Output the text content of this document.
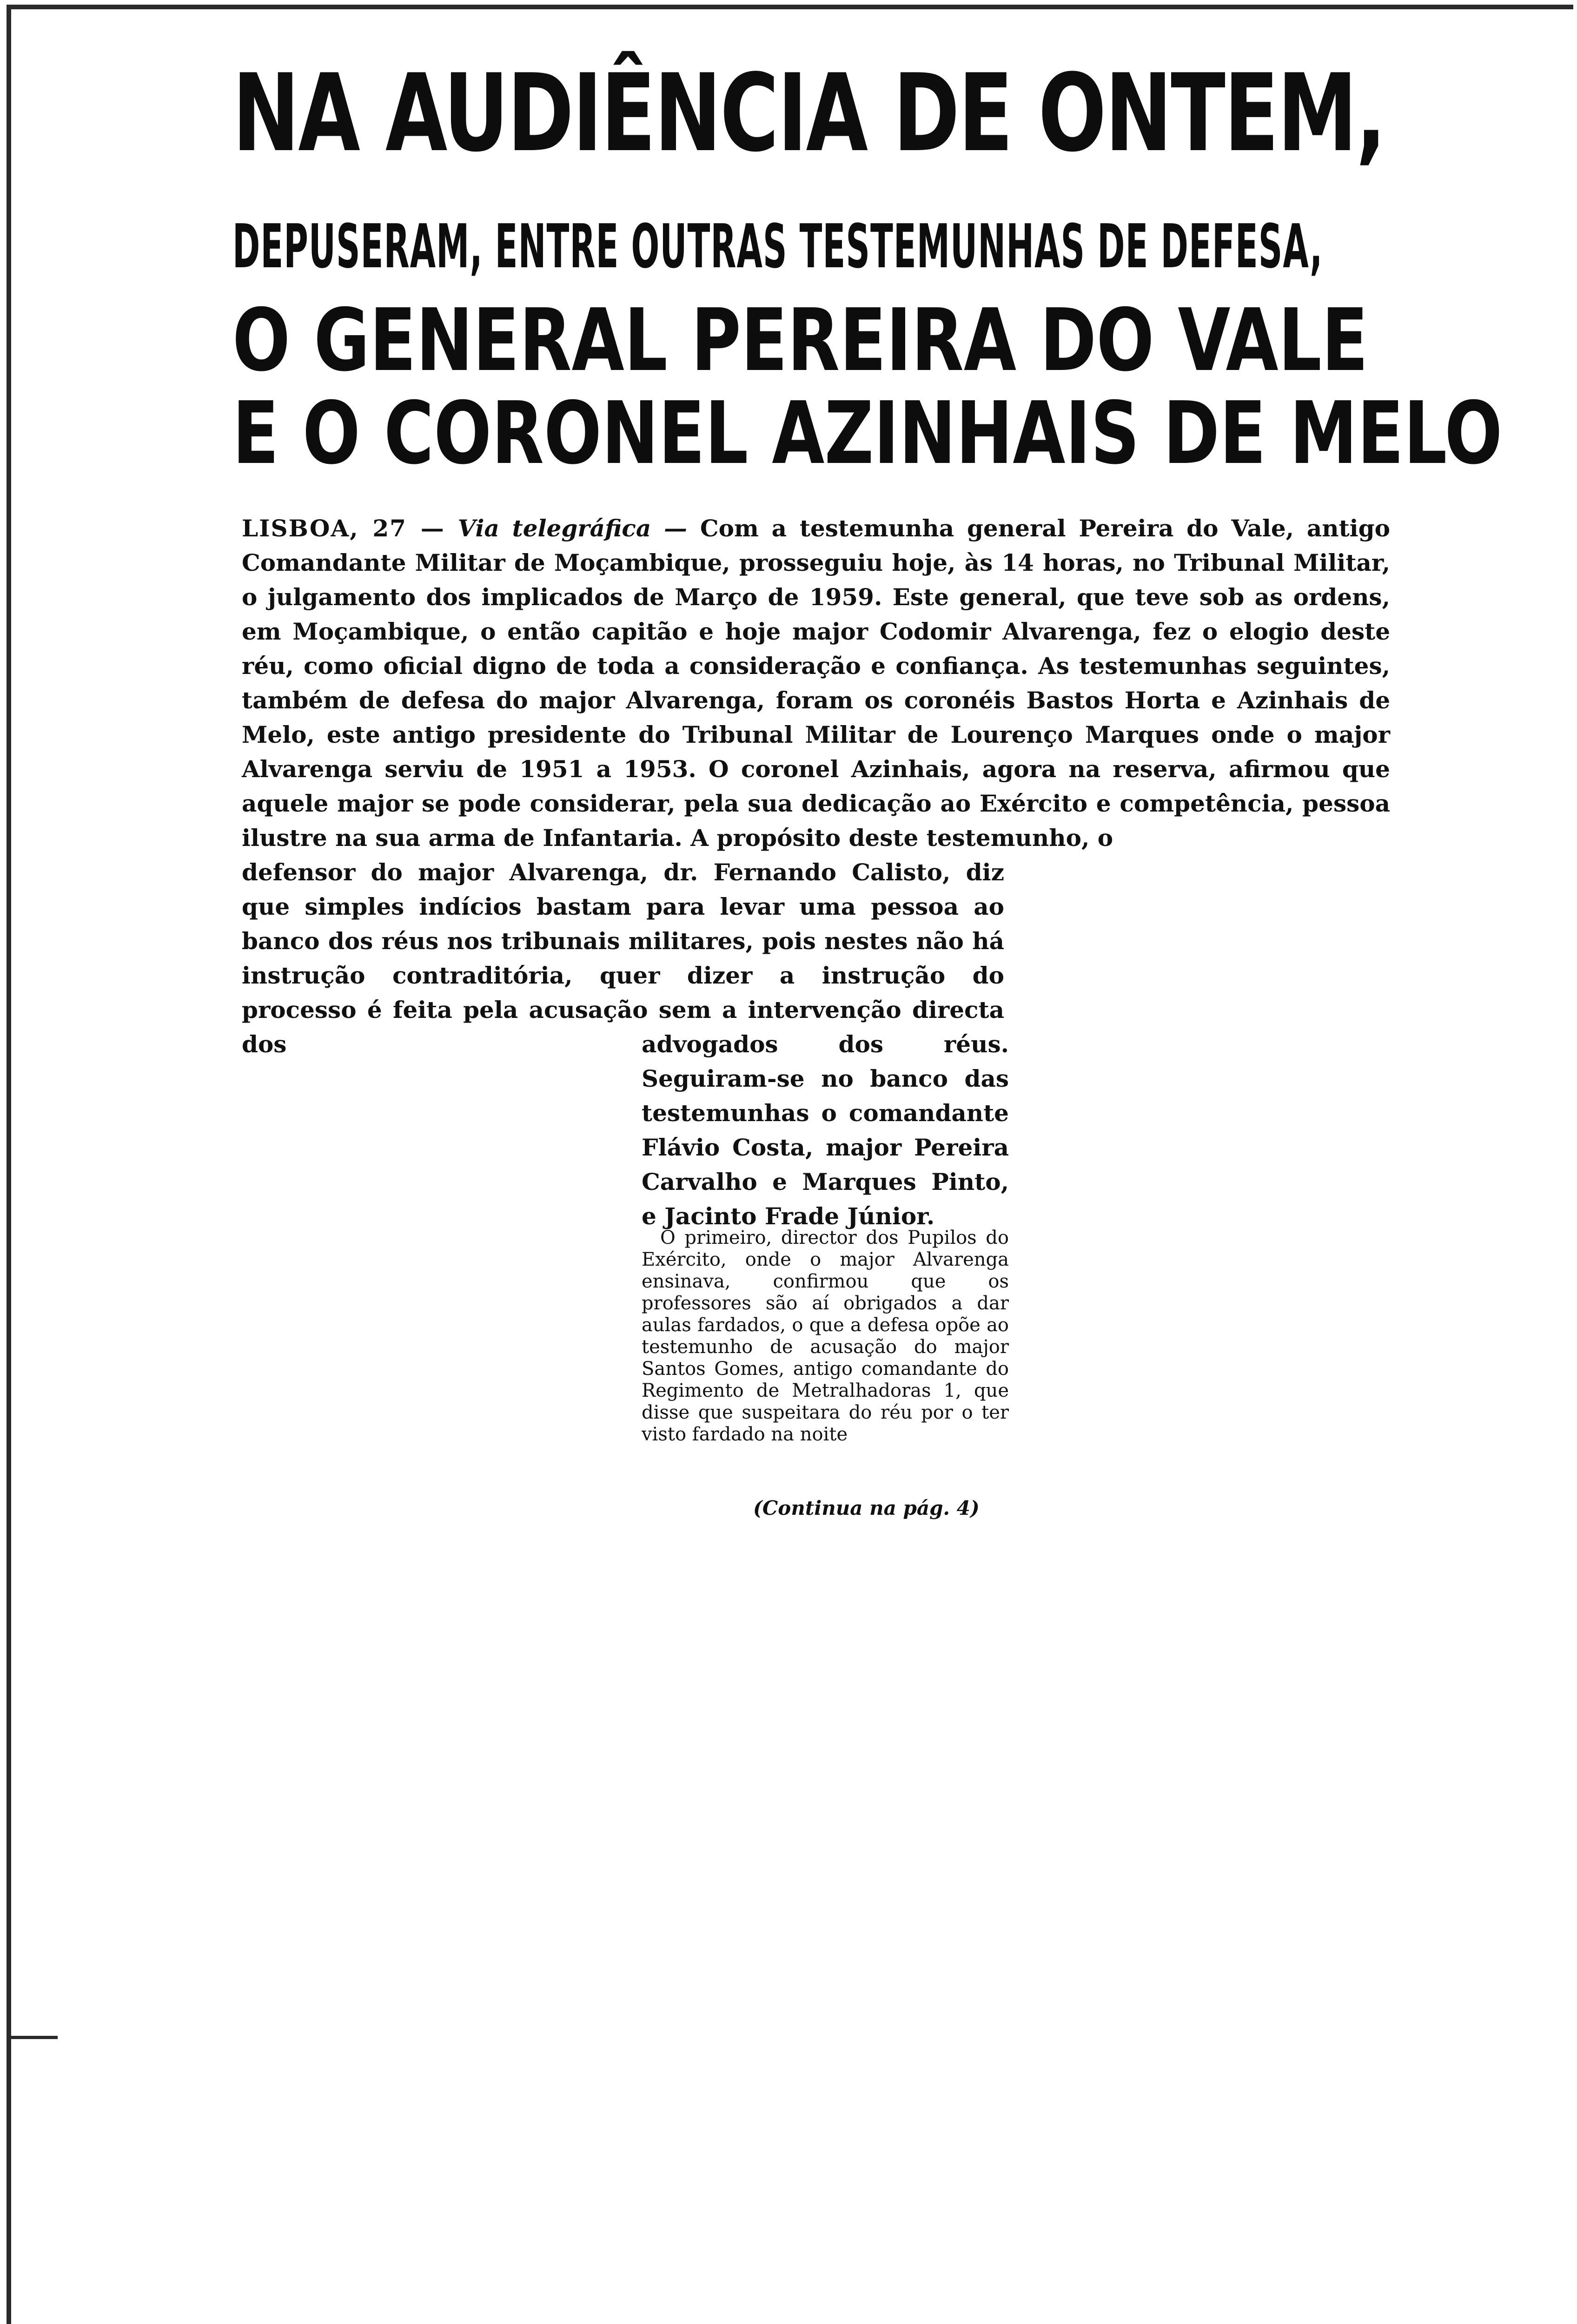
NA AUDIÊNCIA DE ONTEM,
DEPUSERAM, ENTRE OUTRAS TESTEMUNHAS DE DEFESA,
O GENERAL PEREIRA DO VALE
E O CORONEL AZINHAIS DE MELO

LISBOA, 27 — Via telegráfica — Com a testemunha general Pereira do Vale, antigo Comandante Militar de Moçambique, prosseguiu hoje, às 14 horas, no Tribunal Militar, o julgamento dos implicados de Março de 1959. Este general, que teve sob as ordens, em Moçambique, o então capitão e hoje major Codomir Alvarenga, fez o elogio deste réu, como oficial digno de toda a consideração e confiança. As testemunhas seguintes, também de defesa do major Alvarenga, foram os coronéis Bastos Horta e Azinhais de Melo, este antigo presidente do Tribunal Militar de Lourenço Marques onde o major Alvarenga serviu de 1951 a 1953. O coronel Azinhais, agora na reserva, afirmou que aquele major se pode considerar, pela sua dedicação ao Exército e competência, pessoa ilustre na sua arma de Infantaria. A propósito deste testemunho, o

defensor do major Alvarenga, dr. Fernando Calisto, diz que simples indícios bastam para levar uma pessoa ao banco dos réus nos tribunais militares, pois nestes não há instrução contraditória, quer dizer a instrução do processo é feita pela acusação sem a intervenção directa dos	advogados dos réus. Seguiram-se no banco das testemunhas o comandante Flávio Costa, major Pereira Carvalho e Marques Pinto, e Jacinto Frade Júnior.

O primeiro, director dos Pupilos do Exército, onde o major Alvarenga ensinava, confirmou que os professores são aí obrigados a dar aulas fardados, o que a defesa opõe ao testemunho de acusação do major Santos Gomes, antigo comandante do Regimento de Metralhadoras 1, que disse que suspeitara do réu por o ter visto fardado na noite

(Continua na pág. 4)
